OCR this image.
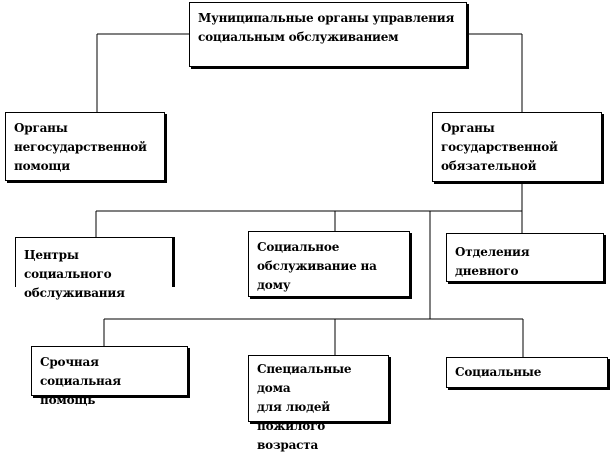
Муниципальные органы управления
социальным обслуживанием
Органы
негосударственной
помощи
Органы
государственной
обязательной
Центры
социального
обслуживания
Социальное
обслуживание на
дому
Отделения
дневного
Срочная
социальная помощь
Специальные дома
для людей
пожилого возраста
Социальные
